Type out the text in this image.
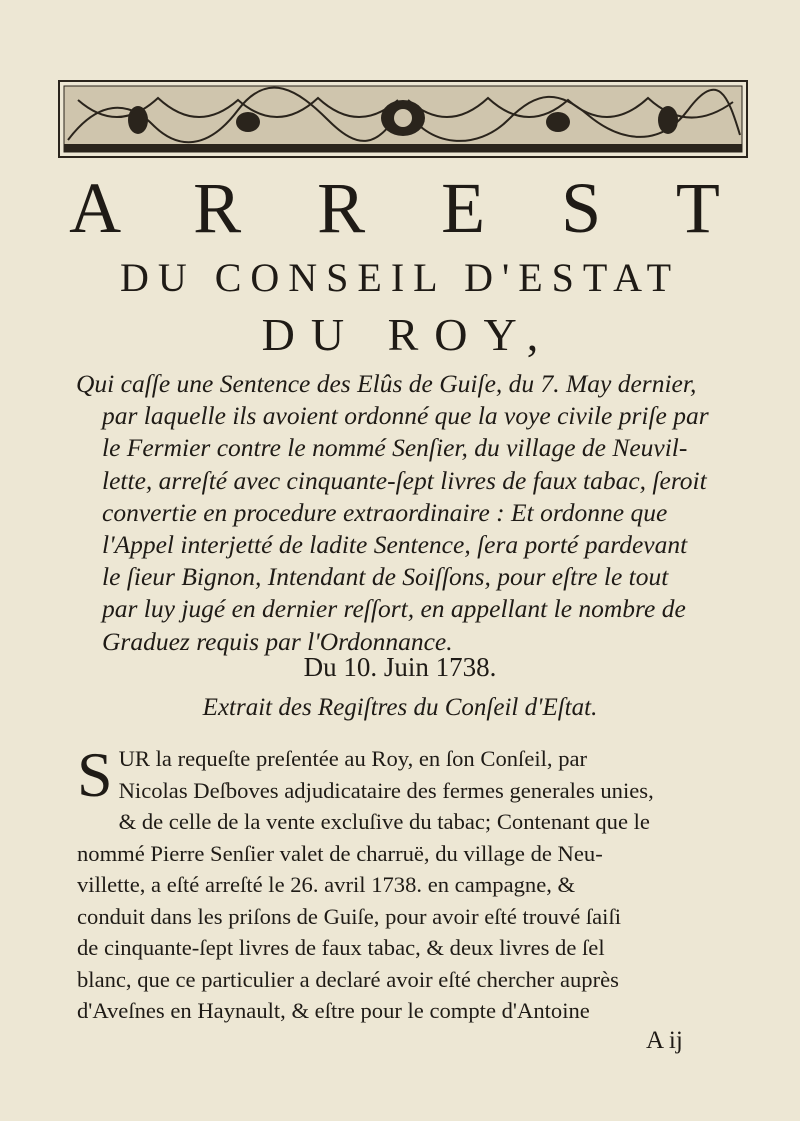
A R R E S T
DU CONSEIL D'ESTAT
DU ROY,
Qui caſſe une Sentence des Elûs de Guiſe, du 7. May dernier,
par laquelle ils avoient ordonné que la voye civile priſe par
le Fermier contre le nommé Senſier, du village de Neuvil-
lette, arreſté avec cinquante-ſept livres de faux tabac, ſeroit
convertie en procedure extraordinaire : Et ordonne que
l'Appel interjetté de ladite Sentence, ſera porté pardevant
le ſieur Bignon, Intendant de Soiſſons, pour eſtre le tout
par luy jugé en dernier reſſort, en appellant le nombre de
Graduez requis par l'Ordonnance.
Du 10. Juin 1738.
Extrait des Regiſtres du Conſeil d'Eſtat.
S UR la requeſte preſentée au Roy, en ſon Conſeil, par
Nicolas Deſboves adjudicataire des fermes generales unies,
& de celle de la vente excluſive du tabac; Contenant que le
nommé Pierre Senſier valet de charruë, du village de Neu-
villette, a eſté arreſté le 26. avril 1738. en campagne, &
conduit dans les priſons de Guiſe, pour avoir eſté trouvé ſaiſi
de cinquante-ſept livres de faux tabac, & deux livres de ſel
blanc, que ce particulier a declaré avoir eſté chercher auprès
d'Aveſnes en Haynault, & eſtre pour le compte d'Antoine
A ij
